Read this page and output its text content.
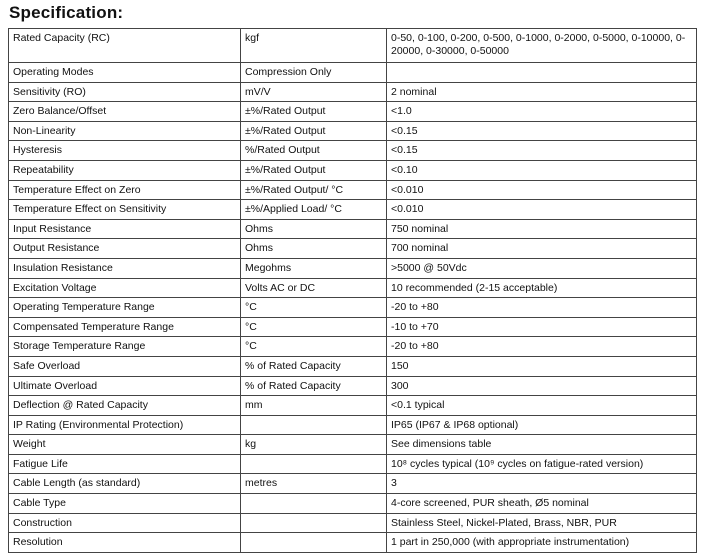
Specification:
Rated Capacity (RC)	kgf	0-50, 0-100, 0-200, 0-500, 0-1000, 0-2000, 0-5000, 0-10000, 0-20000, 0-30000, 0-50000
Operating Modes	Compression Only	
Sensitivity (RO)	mV/V	2 nominal
Zero Balance/Offset	±%/Rated Output	<1.0
Non-Linearity	±%/Rated Output	<0.15
Hysteresis	%/Rated Output	<0.15
Repeatability	±%/Rated Output	<0.10
Temperature Effect on Zero	±%/Rated Output/ °C	<0.010
Temperature Effect on Sensitivity	±%/Applied Load/ °C	<0.010
Input Resistance	Ohms	750 nominal
Output Resistance	Ohms	700 nominal
Insulation Resistance	Megohms	>5000 @ 50Vdc
Excitation Voltage	Volts AC or DC	10 recommended (2-15 acceptable)
Operating Temperature Range	°C	-20 to +80
Compensated Temperature Range	°C	-10 to +70
Storage Temperature Range	°C	-20 to +80
Safe Overload	% of Rated Capacity	150
Ultimate Overload	% of Rated Capacity	300
Deflection @ Rated Capacity	mm	<0.1 typical
IP Rating (Environmental Protection)		IP65 (IP67 & IP68 optional)
Weight	kg	See dimensions table
Fatigue Life		10⁸ cycles typical (10⁹ cycles on fatigue-rated version)
Cable Length (as standard)	metres	3
Cable Type		4-core screened, PUR sheath, Ø5 nominal
Construction		Stainless Steel, Nickel-Plated, Brass, NBR, PUR
Resolution		1 part in 250,000 (with appropriate instrumentation)
